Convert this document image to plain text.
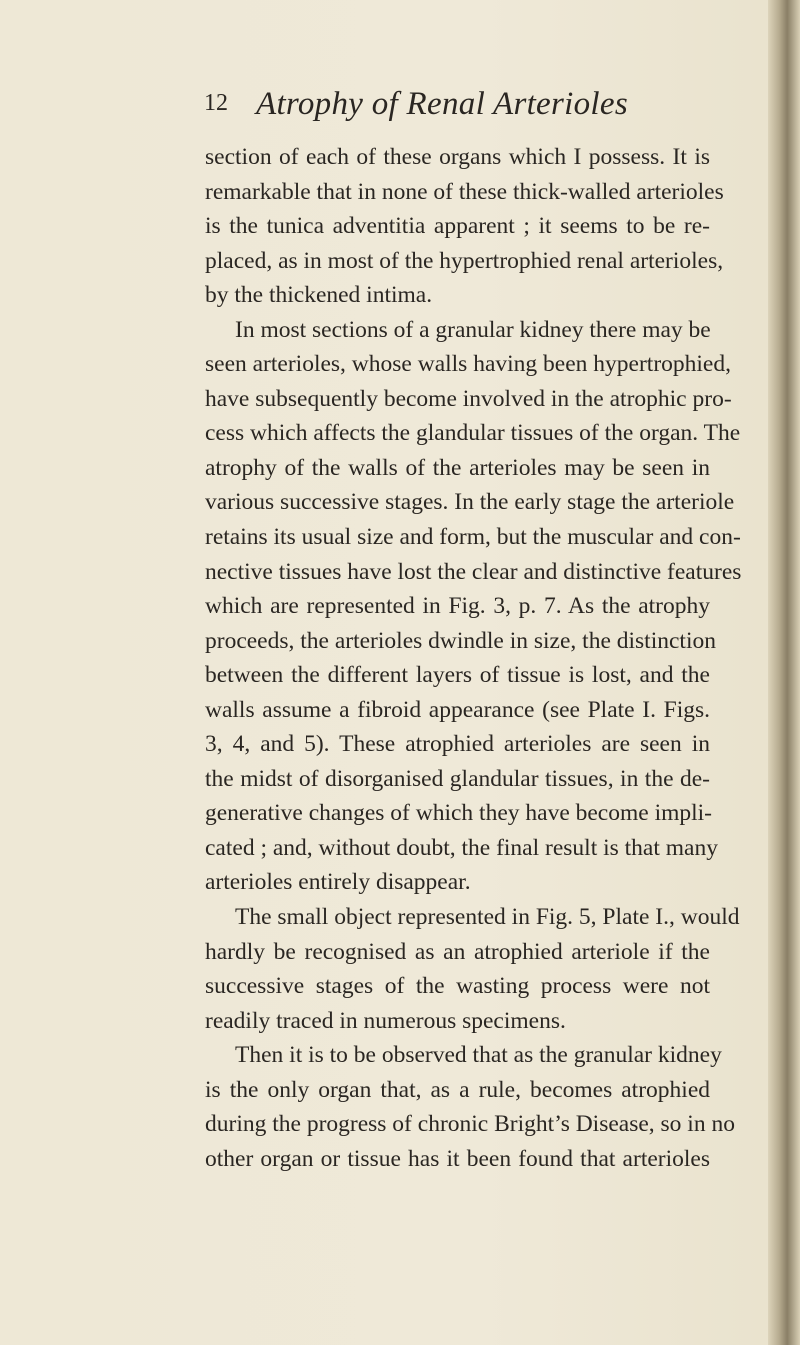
12 Atrophy of Renal Arterioles
section of each of these organs which I possess. It is
remarkable that in none of these thick-walled arterioles
is the tunica adventitia apparent ; it seems to be re-
placed, as in most of the hypertrophied renal arterioles,
by the thickened intima.
In most sections of a granular kidney there may be
seen arterioles, whose walls having been hypertrophied,
have subsequently become involved in the atrophic pro-
cess which affects the glandular tissues of the organ. The
atrophy of the walls of the arterioles may be seen in
various successive stages. In the early stage the arteriole
retains its usual size and form, but the muscular and con-
nective tissues have lost the clear and distinctive features
which are represented in Fig. 3, p. 7. As the atrophy
proceeds, the arterioles dwindle in size, the distinction
between the different layers of tissue is lost, and the
walls assume a fibroid appearance (see Plate I. Figs.
3, 4, and 5). These atrophied arterioles are seen in
the midst of disorganised glandular tissues, in the de-
generative changes of which they have become impli-
cated ; and, without doubt, the final result is that many
arterioles entirely disappear.
The small object represented in Fig. 5, Plate I., would
hardly be recognised as an atrophied arteriole if the
successive stages of the wasting process were not
readily traced in numerous specimens.
Then it is to be observed that as the granular kidney
is the only organ that, as a rule, becomes atrophied
during the progress of chronic Bright’s Disease, so in no
other organ or tissue has it been found that arterioles
